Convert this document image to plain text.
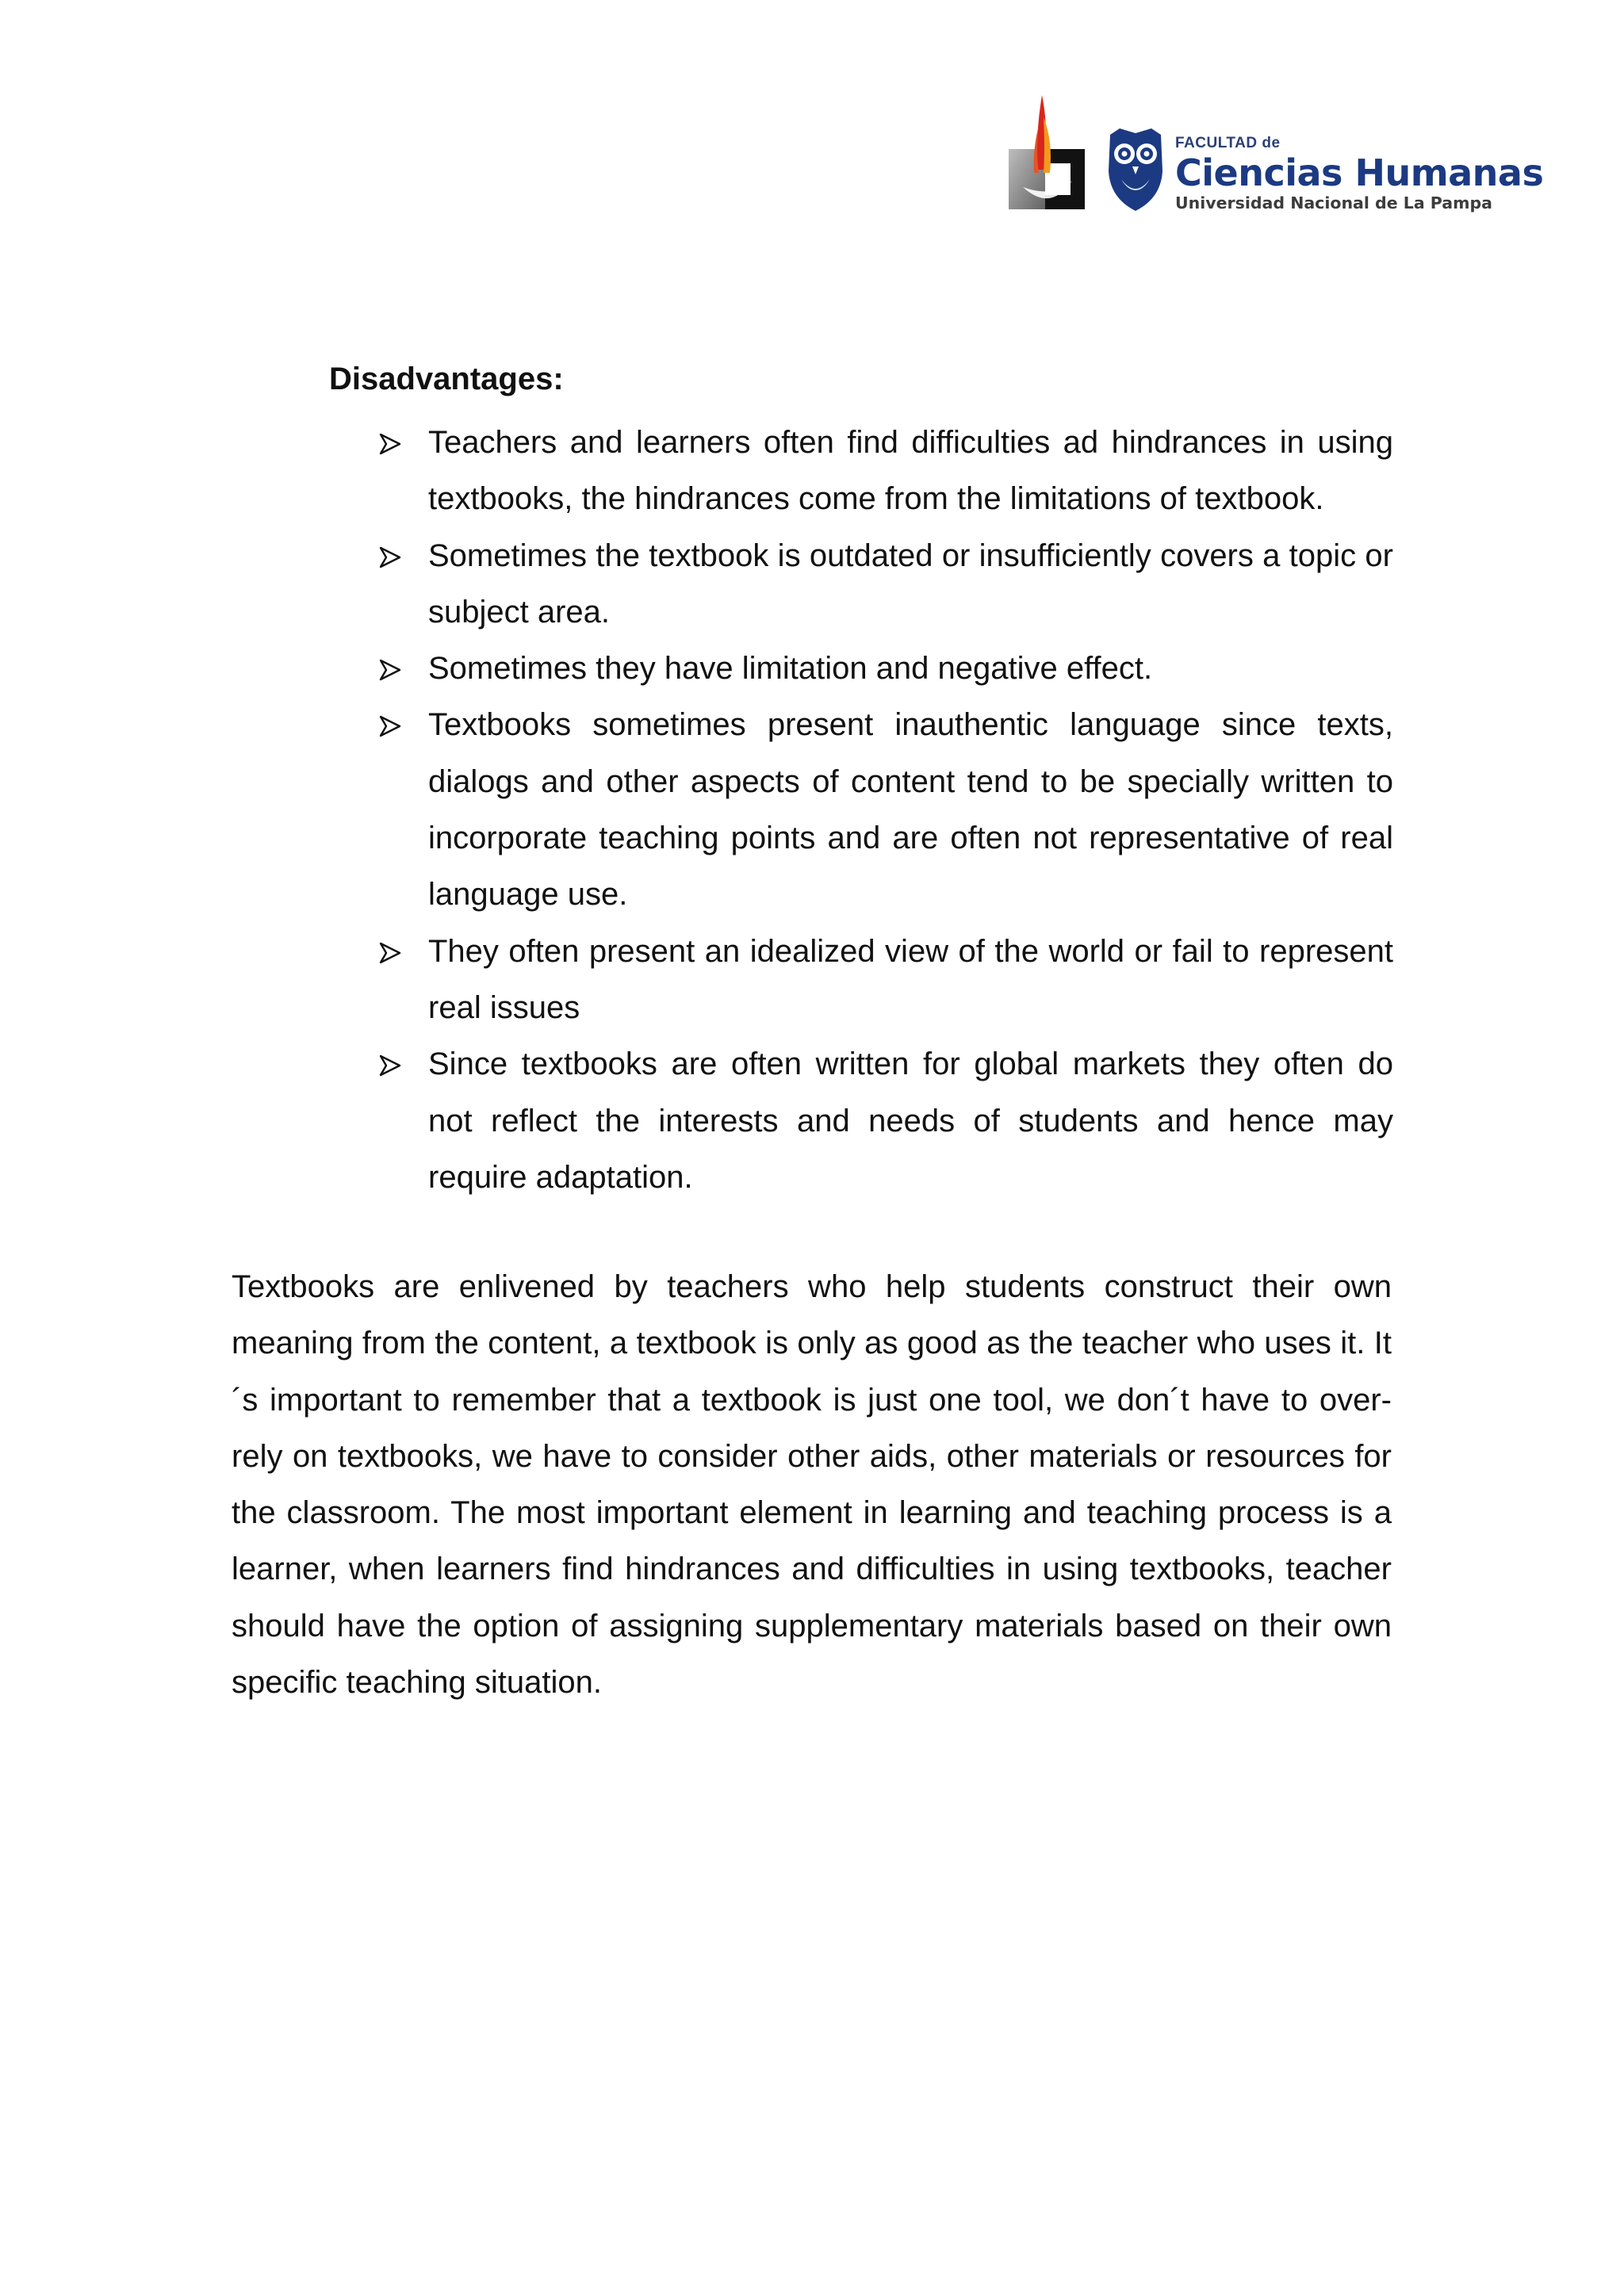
FACULTAD de
Ciencias Humanas
Universidad Nacional de La Pampa
Disadvantages:
Teachers and learners often find difficulties ad hindrances in using textbooks, the hindrances come from the limitations of textbook.
Sometimes the textbook is outdated or insufficiently covers a topic or subject area.
Sometimes they have limitation and negative effect.
Textbooks sometimes present inauthentic language since texts, dialogs and other aspects of content tend to be specially written to incorporate teaching points and are often not representative of real language use.
They often present an idealized view of the world or fail to represent real issues
Since textbooks are often written for global markets they often do not reflect the interests and needs of students and hence may require adaptation.

Textbooks are enlivened by teachers who help students construct their own meaning from the content, a textbook is only as good as the teacher who uses it. It´s important to remember that a textbook is just one tool, we don´t have to over-rely on textbooks, we have to consider other aids, other materials or resources for the classroom. The most important element in learning and teaching process is a learner, when learners find hindrances and difficulties in using textbooks, teacher should have the option of assigning supplementary materials based on their own specific teaching situation.
